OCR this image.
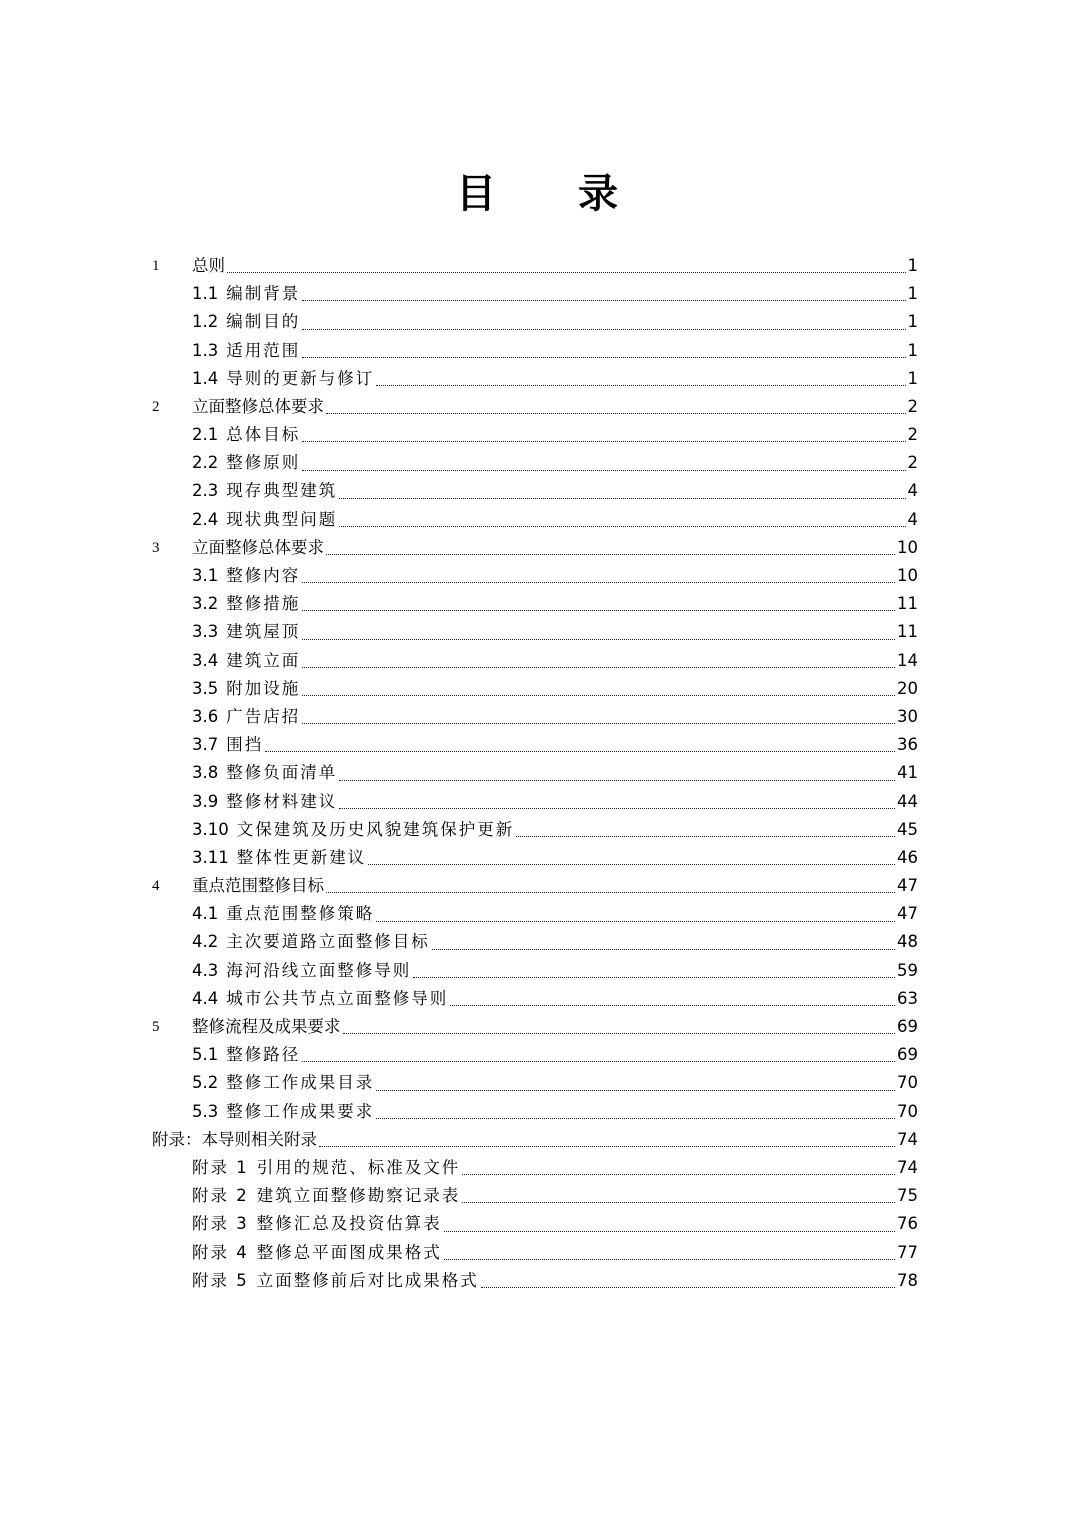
目 录
1	总则	1
1.1 编制背景	1
1.2 编制目的	1
1.3 适用范围	1
1.4 导则的更新与修订	1
2	立面整修总体要求	2
2.1 总体目标	2
2.2 整修原则	2
2.3 现存典型建筑	4
2.4 现状典型问题	4
3	立面整修总体要求	10
3.1 整修内容	10
3.2 整修措施	11
3.3 建筑屋顶	11
3.4 建筑立面	14
3.5 附加设施	20
3.6 广告店招	30
3.7 围挡	36
3.8 整修负面清单	41
3.9 整修材料建议	44
3.10 文保建筑及历史风貌建筑保护更新	45
3.11 整体性更新建议	46
4	重点范围整修目标	47
4.1 重点范围整修策略	47
4.2 主次要道路立面整修目标	48
4.3 海河沿线立面整修导则	59
4.4 城市公共节点立面整修导则	63
5	整修流程及成果要求	69
5.1 整修路径	69
5.2 整修工作成果目录	70
5.3 整修工作成果要求	70
附录：本导则相关附录	74
附录 1 引用的规范、标准及文件	74
附录 2 建筑立面整修勘察记录表	75
附录 3 整修汇总及投资估算表	76
附录 4 整修总平面图成果格式	77
附录 5 立面整修前后对比成果格式	78
